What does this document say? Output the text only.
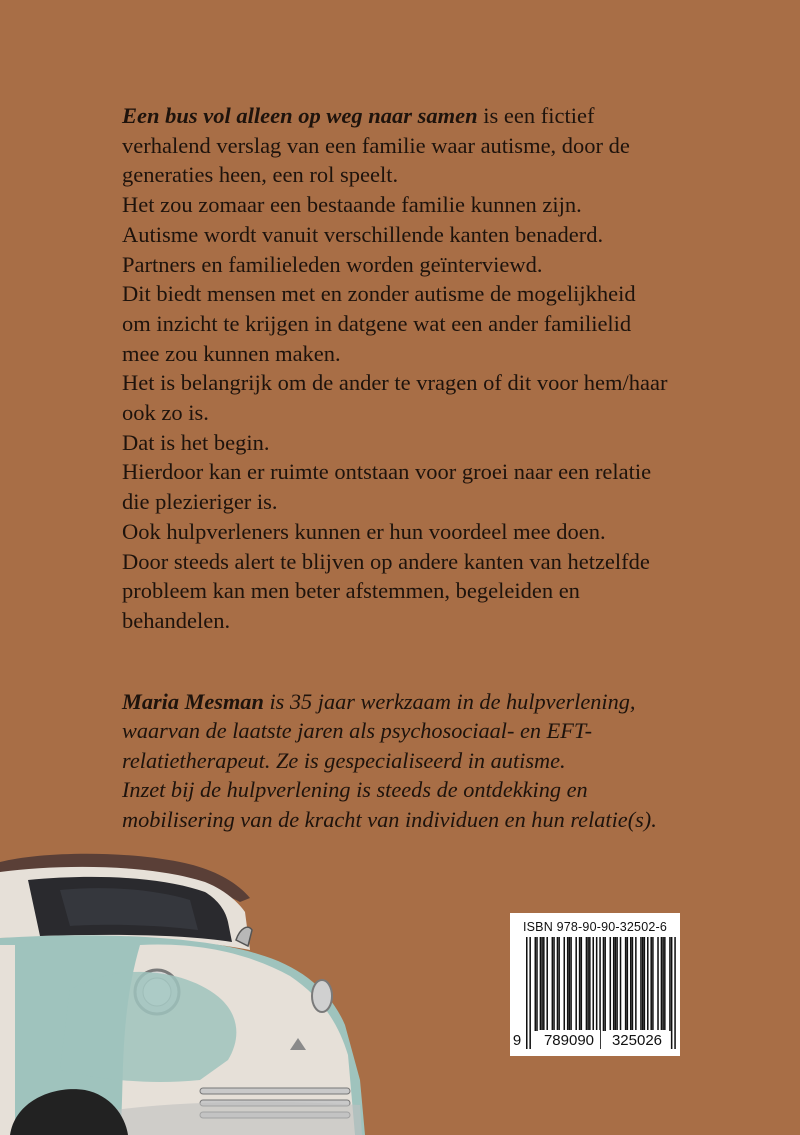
Een bus vol alleen op weg naar samen is een fictief

verhalend verslag van een familie waar autisme, door de

generaties heen, een rol speelt.

Het zou zomaar een bestaande familie kunnen zijn.

Autisme wordt vanuit verschillende kanten benaderd.

Partners en familieleden worden geïnterviewd.

Dit biedt mensen met en zonder autisme de mogelijkheid

om inzicht te krijgen in datgene wat een ander familielid

mee zou kunnen maken.

Het is belangrijk om de ander te vragen of dit voor hem/haar

ook zo is.

Dat is het begin.

Hierdoor kan er ruimte ontstaan voor groei naar een relatie

die plezieriger is.

Ook hulpverleners kunnen er hun voordeel mee doen.

Door steeds alert te blijven op andere kanten van hetzelfde

probleem kan men beter afstemmen, begeleiden en

behandelen.

Maria Mesman is 35 jaar werkzaam in de hulpverlening,

waarvan de laatste jaren als psychosociaal- en EFT-

relatietherapeut. Ze is gespecialiseerd in autisme.

Inzet bij de hulpverlening is steeds de ontdekking en

mobilisering van de kracht van individuen en hun relatie(s).

ISBN 978-90-90-32502-6
9	789090	325026
